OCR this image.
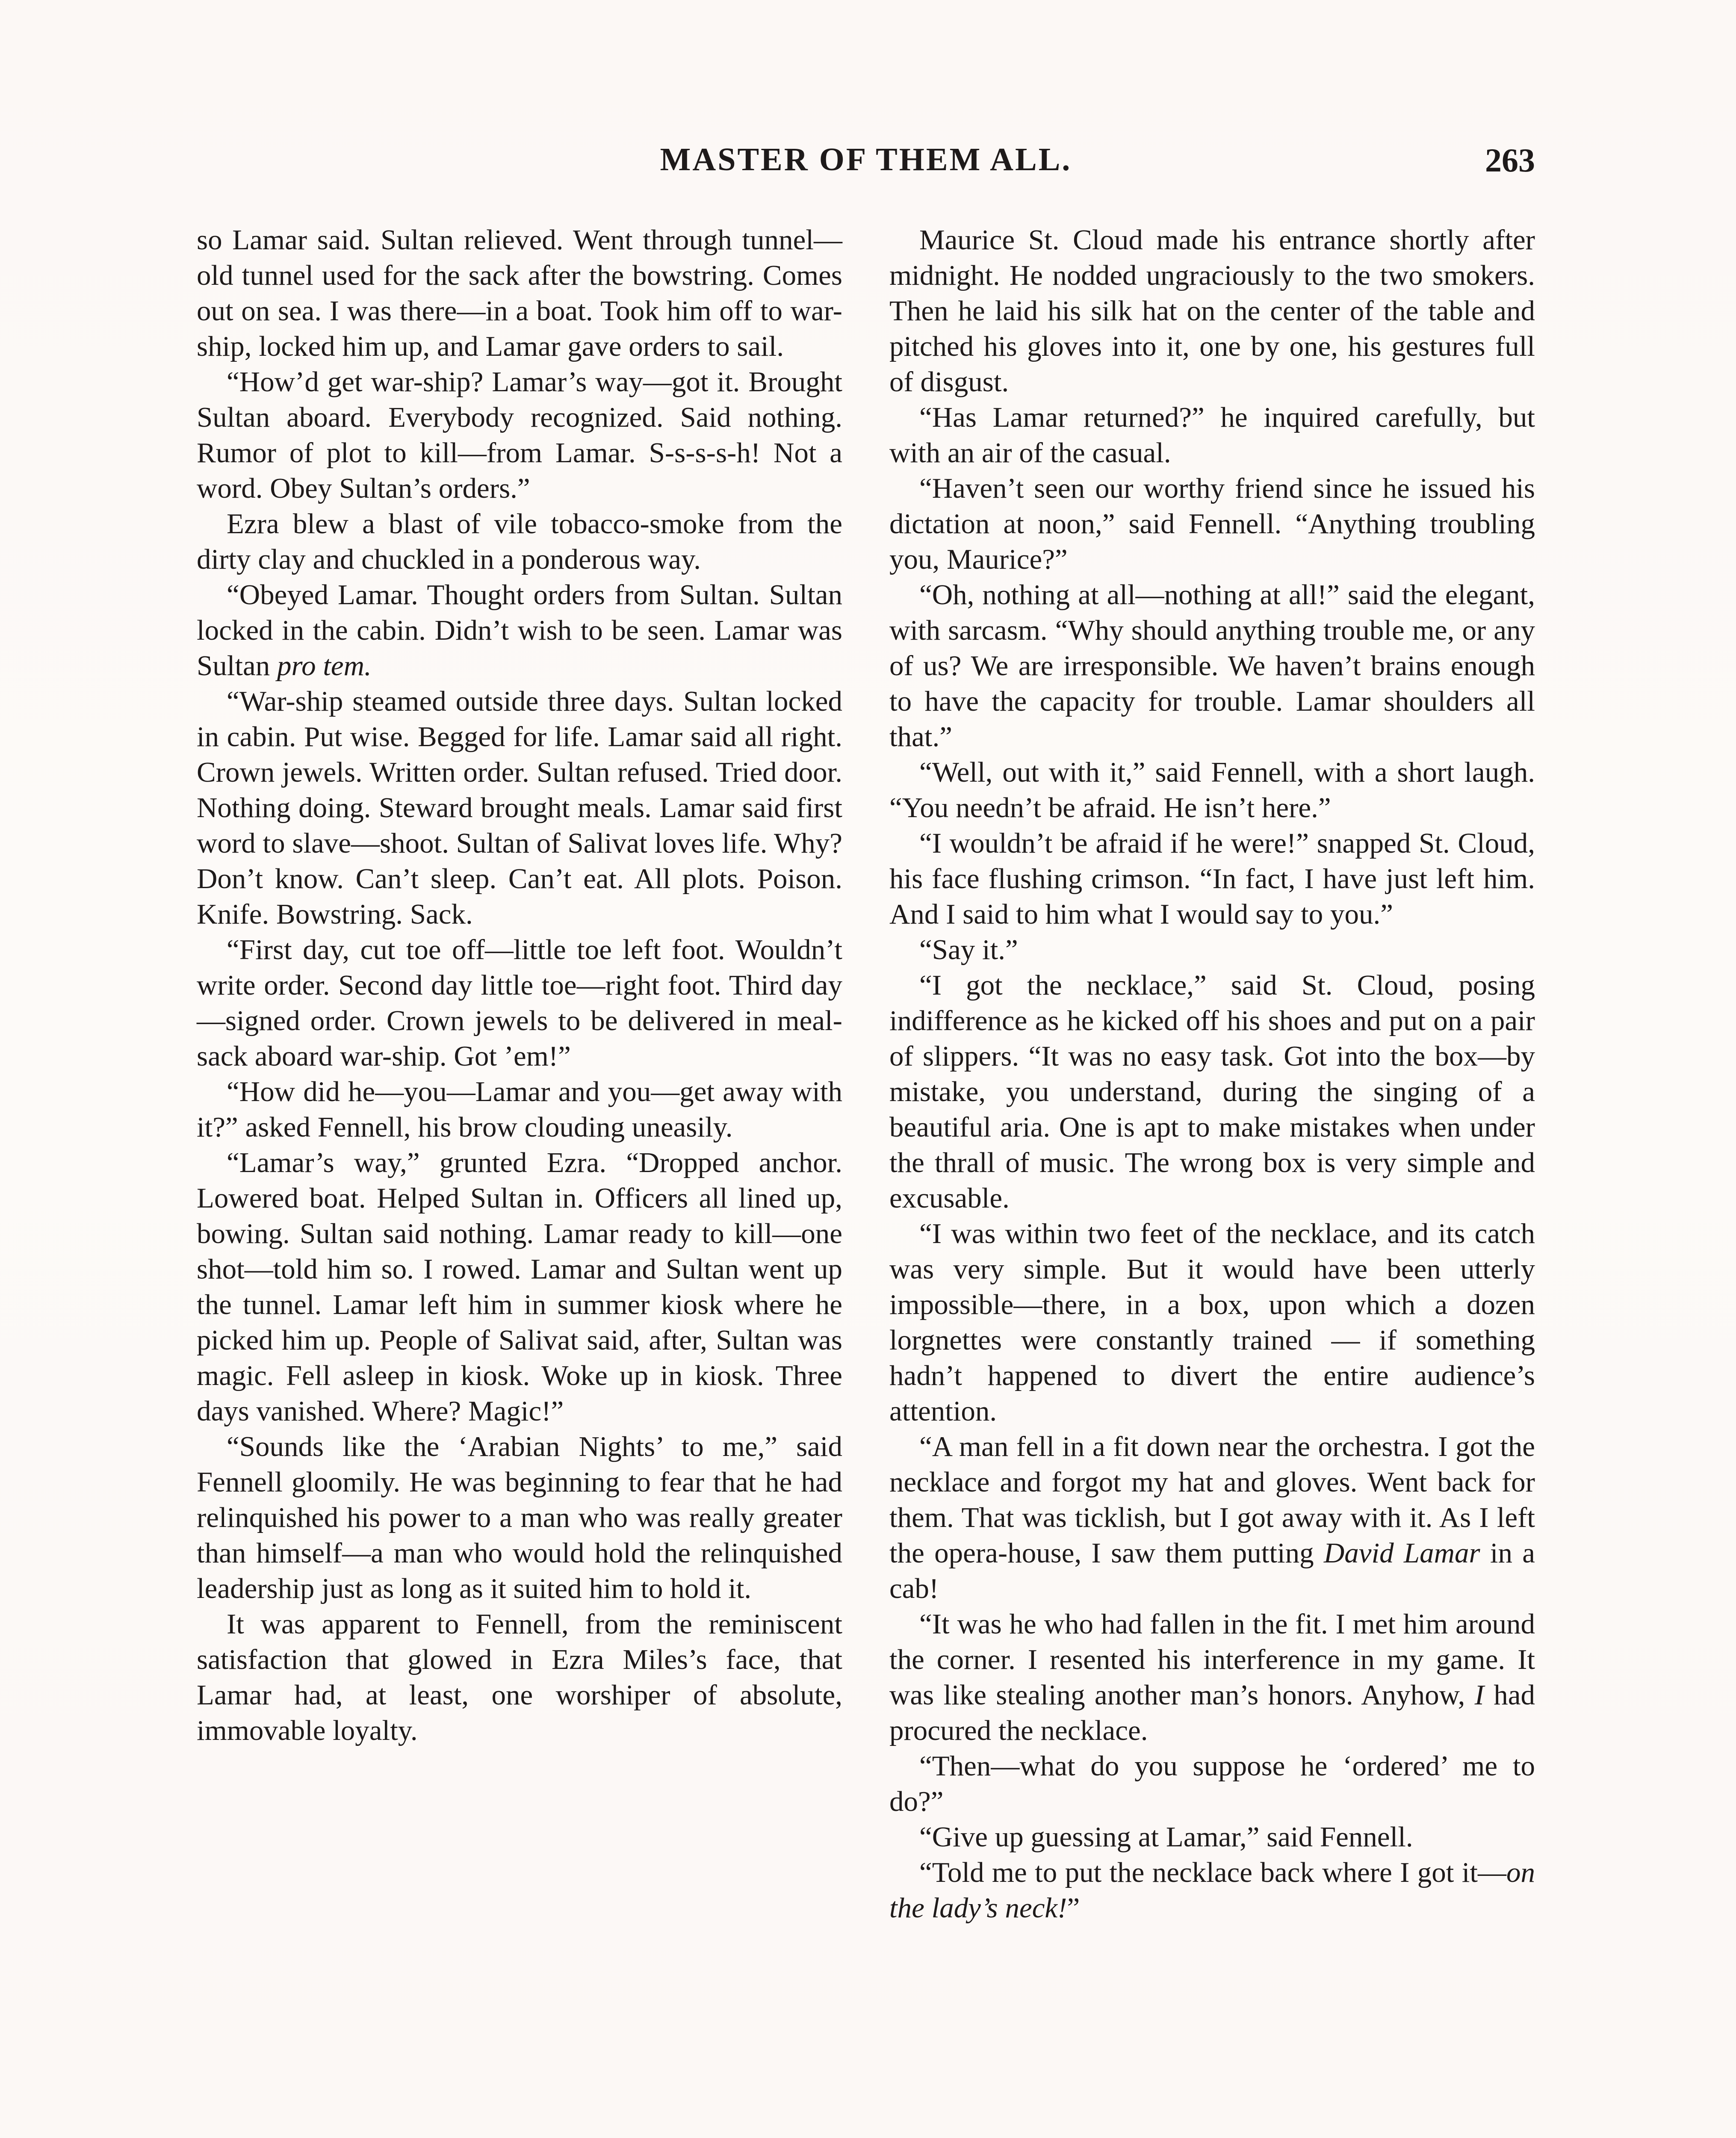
MASTER OF THEM ALL.	263

so Lamar said. Sultan relieved. Went through tunnel—old tunnel used for the sack after the bowstring. Comes out on sea. I was there—in a boat. Took him off to war-ship, locked him up, and Lamar gave orders to sail.

“How’d get war-ship? Lamar’s way—got it. Brought Sultan aboard. Everybody recognized. Said nothing. Rumor of plot to kill—from Lamar. S-s-s-s-h! Not a word. Obey Sultan’s orders.”

Ezra blew a blast of vile tobacco-smoke from the dirty clay and chuckled in a ponderous way.

“Obeyed Lamar. Thought orders from Sultan. Sultan locked in the cabin. Didn’t wish to be seen. Lamar was Sultan pro tem.

“War-ship steamed outside three days. Sultan locked in cabin. Put wise. Begged for life. Lamar said all right. Crown jewels. Written order. Sultan refused. Tried door. Nothing doing. Steward brought meals. Lamar said first word to slave—shoot. Sultan of Salivat loves life. Why? Don’t know. Can’t sleep. Can’t eat. All plots. Poison. Knife. Bowstring. Sack.

“First day, cut toe off—little toe left foot. Wouldn’t write order. Second day little toe—right foot. Third day—signed order. Crown jewels to be delivered in meal-sack aboard war-ship. Got ’em!”

“How did he—you—Lamar and you—get away with it?” asked Fennell, his brow clouding uneasily.

“Lamar’s way,” grunted Ezra. “Dropped anchor. Lowered boat. Helped Sultan in. Officers all lined up, bowing. Sultan said nothing. Lamar ready to kill—one shot—told him so. I rowed. Lamar and Sultan went up the tunnel. Lamar left him in summer kiosk where he picked him up. People of Salivat said, after, Sultan was magic. Fell asleep in kiosk. Woke up in kiosk. Three days vanished. Where? Magic!”

“Sounds like the ‘Arabian Nights’ to me,” said Fennell gloomily. He was beginning to fear that he had relinquished his power to a man who was really greater than himself—a man who would hold the relinquished leadership just as long as it suited him to hold it.

It was apparent to Fennell, from the reminiscent satisfaction that glowed in Ezra Miles’s face, that Lamar had, at least, one worshiper of absolute, immovable loyalty.

Maurice St. Cloud made his entrance shortly after midnight. He nodded ungraciously to the two smokers. Then he laid his silk hat on the center of the table and pitched his gloves into it, one by one, his gestures full of disgust.

“Has Lamar returned?” he inquired carefully, but with an air of the casual.

“Haven’t seen our worthy friend since he issued his dictation at noon,” said Fennell. “Anything troubling you, Maurice?”

“Oh, nothing at all—nothing at all!” said the elegant, with sarcasm. “Why should anything trouble me, or any of us? We are irresponsible. We haven’t brains enough to have the capacity for trouble. Lamar shoulders all that.”

“Well, out with it,” said Fennell, with a short laugh. “You needn’t be afraid. He isn’t here.”

“I wouldn’t be afraid if he were!” snapped St. Cloud, his face flushing crimson. “In fact, I have just left him. And I said to him what I would say to you.”

“Say it.”

“I got the necklace,” said St. Cloud, posing indifference as he kicked off his shoes and put on a pair of slippers. “It was no easy task. Got into the box—by mistake, you understand, during the singing of a beautiful aria. One is apt to make mistakes when under the thrall of music. The wrong box is very simple and excusable.

“I was within two feet of the necklace, and its catch was very simple. But it would have been utterly impossible—there, in a box, upon which a dozen lorgnettes were constantly trained — if something hadn’t happened to divert the entire audience’s attention.

“A man fell in a fit down near the orchestra. I got the necklace and forgot my hat and gloves. Went back for them. That was ticklish, but I got away with it. As I left the opera-house, I saw them putting David Lamar in a cab!

“It was he who had fallen in the fit. I met him around the corner. I resented his interference in my game. It was like stealing another man’s honors. Anyhow, I had procured the necklace.

“Then—what do you suppose he ‘ordered’ me to do?”

“Give up guessing at Lamar,” said Fennell.

“Told me to put the necklace back where I got it—on the lady’s neck!”
